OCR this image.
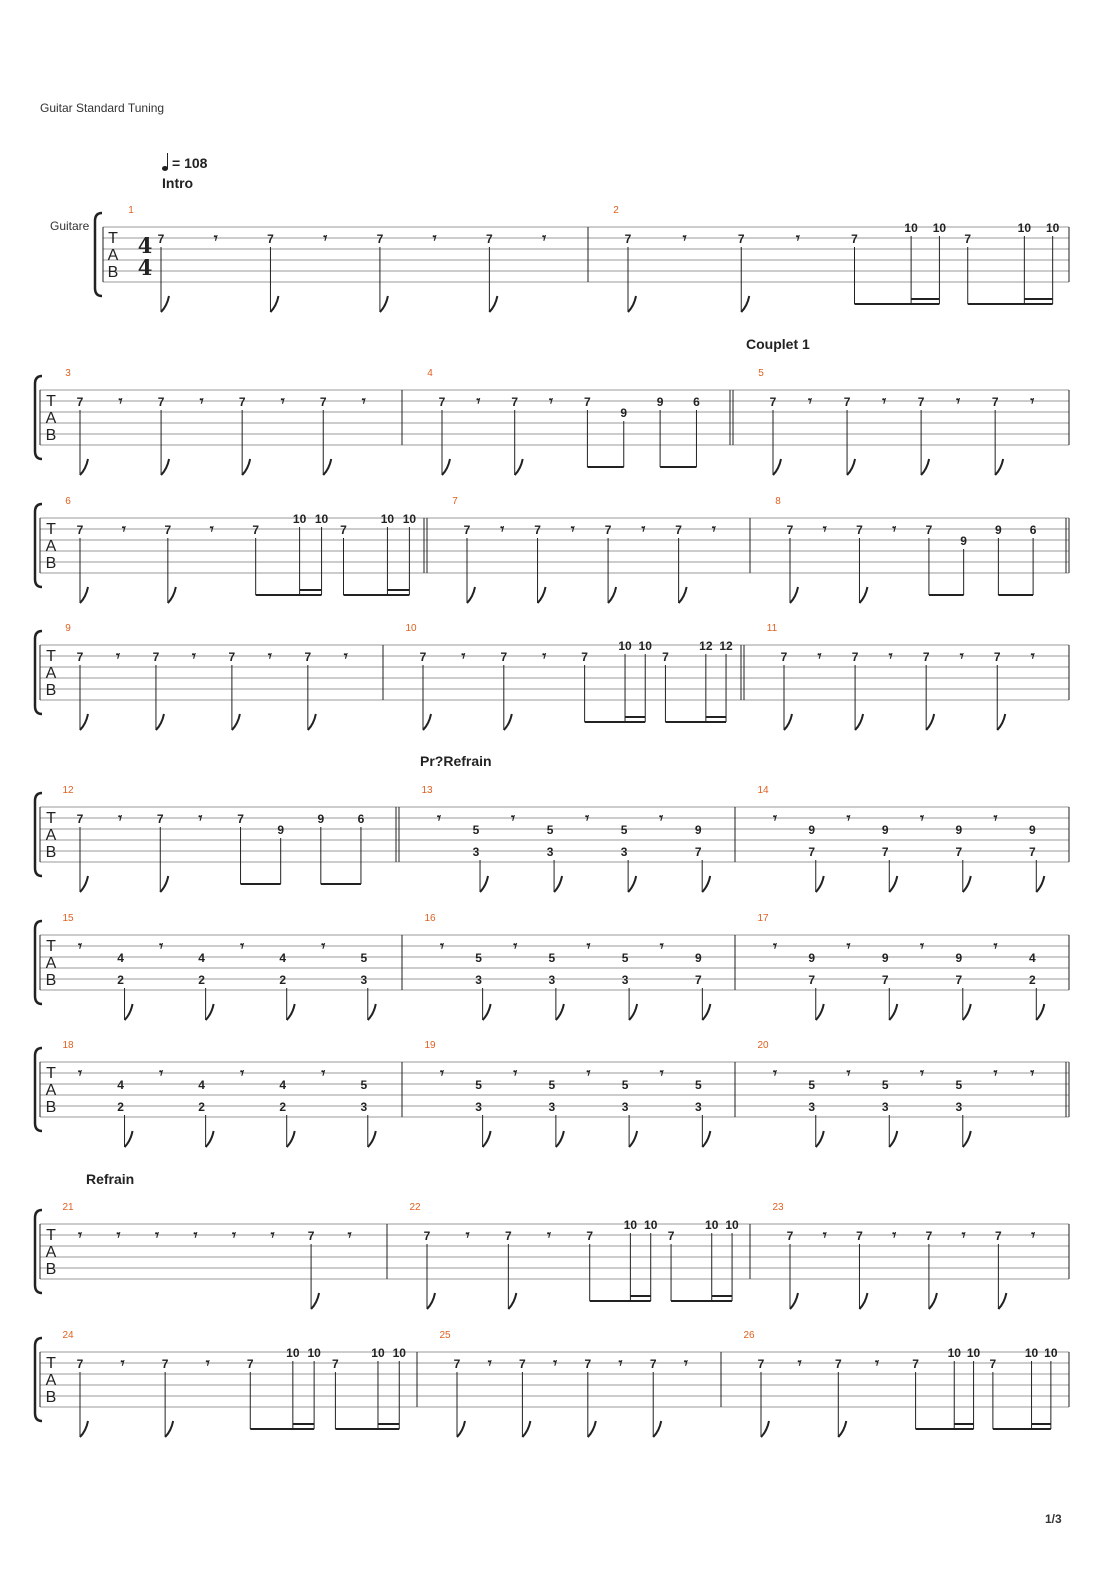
Guitar Standard Tuning
= 108
Intro
Couplet 1
Pr?Refrain
Refrain
Guitare
T
A
B
4
4
1
7	𝄾	7	𝄾	7	𝄾	7	𝄾
2
7	𝄾	7	𝄾	7
10 10
7
10 10
T
A
B
3
7 𝄾	7 𝄾	7 𝄾	7 𝄾
4
7 𝄾	7 𝄾	7
9
9 6
5
7 𝄾	7 𝄾	7 𝄾	7 𝄾
T
A
B
6
7	𝄾	7	𝄾	7
10 10
7
10 10
7
7 𝄾 7 𝄾 7 𝄾 7 𝄾
8
7 𝄾 7 𝄾 7
9
9 6
T
A
B
9
7 𝄾	7 𝄾	7 𝄾	7 𝄾
10
7 𝄾	7 𝄾	7
10 10
7
12 12
11
7 𝄾	7 𝄾	7 𝄾	7 𝄾
T
A
B
12
7 𝄾	7 𝄾	7
9
9	6
13
𝄾
5
3
𝄾
5
3
𝄾
5
3
𝄾
9
7
14
𝄾
9
7
𝄾
9
7
𝄾
9
7
𝄾
9
7
T
A
B
15
𝄾
4
2
𝄾
4
2
𝄾
4
2
𝄾
5
3
16
𝄾
5
3
𝄾
5
3
𝄾
5
3
𝄾
9
7
17
𝄾
9
7
𝄾
9
7
𝄾
9
7
𝄾
4
2
T
A
B
18
𝄾
4
2
𝄾
4
2
𝄾
4
2
𝄾
5
3
19
𝄾
5
3
𝄾
5
3
𝄾
5
3
𝄾
5
3
20
𝄾
5
3
𝄾
5
3
𝄾
5
3
𝄾 𝄾
T
A
B
21
𝄾 𝄾 𝄾 𝄾 𝄾 𝄾	7 𝄾
22
7 𝄾	7 𝄾	7
10 10
7
10 10
23
7 𝄾 7 𝄾 7 𝄾 7 𝄾
T
A
B
24
7 𝄾	7 𝄾	7
10 10
7
10 10
25
7 𝄾 7 𝄾 7 𝄾 7 𝄾
26
7 𝄾	7 𝄾	7
10 10
7
10 10
1/3
